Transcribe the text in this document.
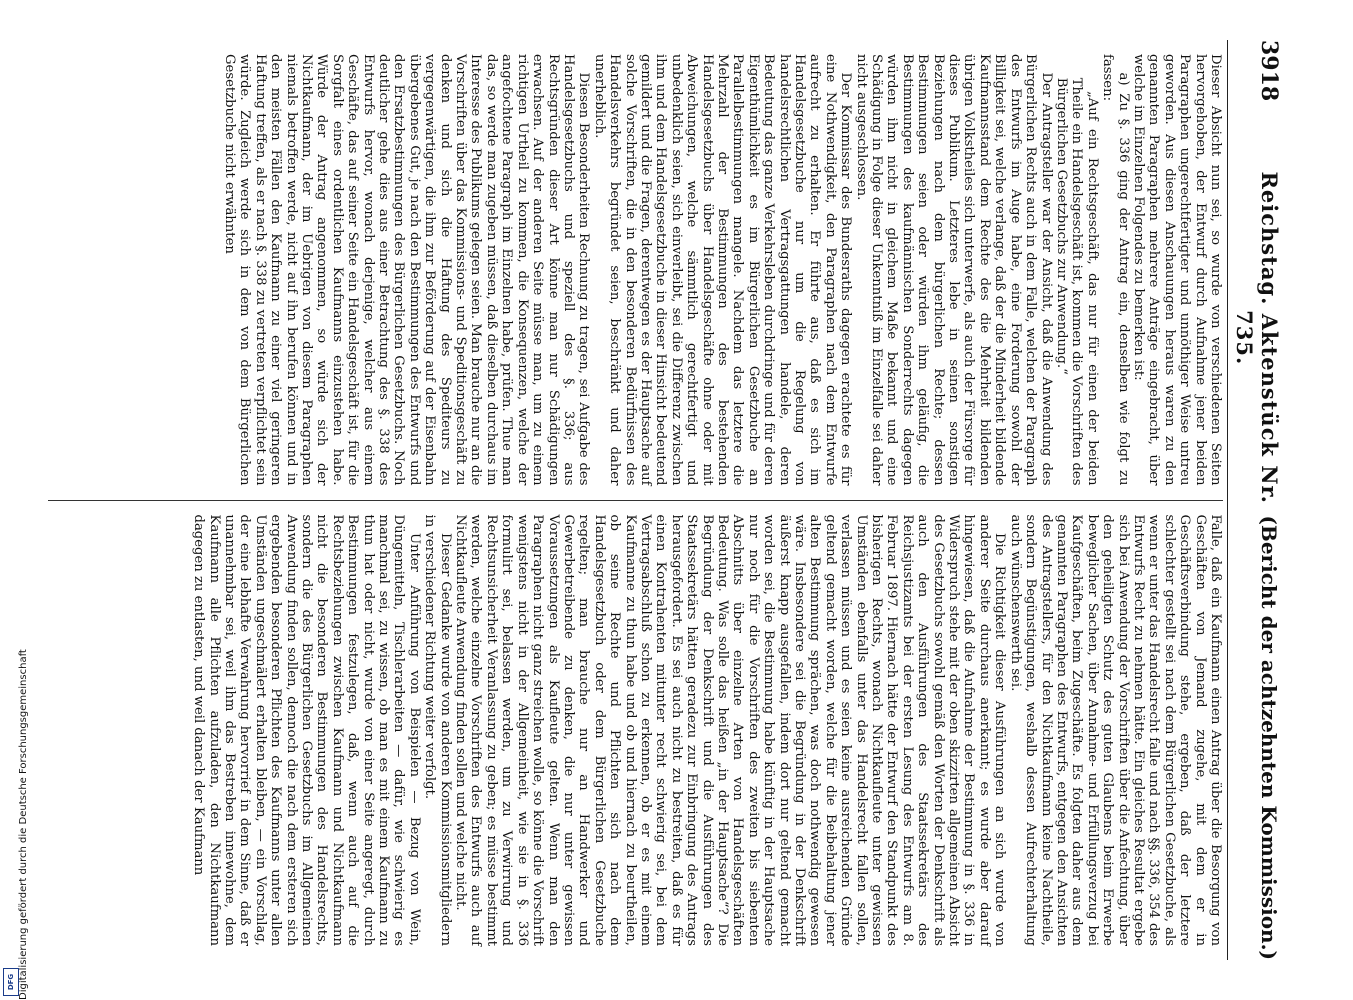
3918
Reichstag. Aktenstück Nr. 735.
(Bericht der achtzehnten Kommission.)

Dieser Absicht nun sei, so wurde von verschiedenen Seiten hervorgehoben, der Entwurf durch Aufnahme jener beiden Paragraphen ungerechtfertigter und unnöthiger Weise untreu geworden. Aus diesen Anschauungen heraus waren zu den genannten Paragraphen mehrere Anträge eingebracht, über welche im Einzelnen Folgendes zu bemerken ist:

a) Zu §. 336 ging der Antrag ein, denselben wie folgt zu fassen:

„Auf ein Rechtsgeschäft, das nur für einen der beiden Theile ein Handelsgeschäft ist, kommen die Vorschriften des Bürgerlichen Gesetzbuchs zur Anwendung.“

Der Antragsteller war der Ansicht, daß die Anwendung des Bürgerlichen Rechts auch in dem Falle, welchen der Paragraph des Entwurfs im Auge habe, eine Forderung sowohl der Billigkeit sei, welche verlange, daß der die Minderheit bildende Kaufmannsstand dem Rechte des die Mehrheit bildenden übrigen Volkstheiles sich unterwerfe, als auch der Fürsorge für dieses Publikum. Letzteres lebe in seinen sonstigen Beziehungen nach dem bürgerlichen Rechte; dessen Bestimmungen seien oder würden ihm geläufig, die Bestimmungen des kaufmännischen Sonderrechts dagegen würden ihm nicht in gleichem Maße bekannt und eine Schädigung in Folge dieser Unkenntniß im Einzelfalle sei daher nicht ausgeschlossen.

Der Kommissar des Bundesraths dagegen erachtete es für eine Nothwendigkeit, den Paragraphen nach dem Entwurfe aufrecht zu erhalten. Er führte aus, daß es sich im Handelsgesetzbuche nur um die Regelung von handelsrechtlichen Vertragsgattungen handele, deren Bedeutung das ganze Verkehrsleben durchdringe und für deren Eigenthümlichkeit es im Bürgerlichen Gesetzbuche an Parallelbestimmungen mangele. Nachdem das letztere die Mehrzahl der Bestimmungen des bestehenden Handelsgesetzbuchs über Handelsgeschäfte ohne oder mit Abweichungen, welche sämmtlich gerechtfertigt und unbedenklich seien, sich einverleibt, sei die Differenz zwischen ihm und dem Handelsgesetzbuche in dieser Hinsicht bedeutend gemildert und die Fragen, derentwegen es der Hauptsache auf solche Vorschriften, die in den besonderen Bedürfnissen des Handelsverkehrs begründet seien, beschränkt und daher unerheblich.

Diesen Besonderheiten Rechnung zu tragen, sei Aufgabe des Handelsgesetzbuchs und speziell des §. 336; aus Rechtsgründen dieser Art könne man nur Schädigungen erwachsen. Auf der anderen Seite müsse man, um zu einem richtigen Urtheil zu kommen, die Konsequenzen, welche der angefochtene Paragraph im Einzelnen habe, prüfen. Thue man das, so werde man zugeben müssen, daß dieselben durchaus im Interesse des Publikums gelegen seien. Man brauche nur an die Vorschriften über das Kommissions- und Speditionsgeschäft zu denken und sich die Haftung des Spediteurs zu vergegenwärtigen, die ihm zur Beförderung auf der Eisenbahn übergebenes Gut, je nach den Bestimmungen des Entwurfs und den Ersatzbestimmungen des Bürgerlichen Gesetzbuchs. Noch deutlicher gehe dies aus einer Betrachtung des §. 338 des Entwurfs hervor, wonach derjenige, welcher aus einem Geschäfte, das auf seiner Seite ein Handelsgeschäft ist, für die Sorgfalt eines ordentlichen Kaufmanns einzustehen habe. Würde der Antrag angenommen, so würde sich der Nichtkaufmann, der im Uebrigen von diesem Paragraphen niemals betroffen werde, nicht auf ihn berufen können und in den meisten Fällen den Kaufmann zu einer viel geringeren Haftung treffen, als er nach §. 338 zu vertreten verpflichtet sein würde. Zugleich werde sich in dem von dem Bürgerlichen Gesetzbuche nicht erwähnten

Falle, daß ein Kaufmann einen Antrag über die Besorgung von Geschäften von Jemand zugehe, mit dem er in Geschäftsverbindung stehe, ergeben, daß der letztere schlechter gestellt sei nach dem Bürgerlichen Gesetzbuche, als wenn er unter das Handelsrecht falle und nach §§. 336, 354 des Entwurfs Recht zu nehmen hätte. Ein gleiches Resultat ergebe sich bei Anwendung der Vorschriften über die Anfechtung, über den geheiligten Schutz des guten Glaubens beim Erwerbe beweglicher Sachen, über Annahme- und Erfüllungsverzug bei Kaufgeschäften, beim Zugeschäfte. Es folgten daher aus dem genannten Paragraphen des Entwurfs, entgegen den Ansichten des Antragstellers, für den Nichtkaufmann keine Nachtheile, sondern Begünstigungen, weshalb dessen Aufrechterhaltung auch wünschenswerth sei.

Die Richtigkeit dieser Ausführungen an sich wurde von anderer Seite durchaus anerkannt; es wurde aber darauf hingewiesen, daß die Aufnahme der Bestimmung in §. 336 in Widerspruch stehe mit der oben skizzirten allgemeinen Absicht des Gesetzbuchs sowohl gemäß den Worten der Denkschrift als auch den Ausführungen des Staatssekretärs des Reichsjustizamts bei der ersten Lesung des Entwurfs am 8. Februar 1897. Hiernach hätte der Entwurf den Standpunkt des bisherigen Rechts, wonach Nichtkaufleute unter gewissen Umständen ebenfalls unter das Handelsrecht fallen sollen, verlassen müssen und es seien keine ausreichenden Gründe geltend gemacht worden, welche für die Beibehaltung jener alten Bestimmung sprächen, was doch nothwendig gewesen wäre. Insbesondere sei die Begründung in der Denkschrift äußerst knapp ausgefallen, indem dort nur geltend gemacht worden sei, die Bestimmung habe künftig in der Hauptsache nur noch für die Vorschriften des zweiten bis siebenten Abschnitts über einzelne Arten von Handelsgeschäften Bedeutung. Was solle das heißen „in der Hauptsache“? Die Begründung der Denkschrift und die Ausführungen des Staatssekretärs hätten geradezu zur Einbringung des Antrags herausgefordert. Es sei auch nicht zu bestreiten, daß es für einen Kontrahenten mitunter recht schwierig sei, bei dem Vertragsabschluß schon zu erkennen, ob er es mit einem Kaufmanne zu thun habe und ob und hiernach zu beurtheilen, ob seine Rechte und Pflichten sich nach dem Handelsgesetzbuch oder dem Bürgerlichen Gesetzbuche regelten; man brauche nur an Handwerker und Gewerbetreibende zu denken, die nur unter gewissen Voraussetzungen als Kaufleute gelten. Wenn man den Paragraphen nicht ganz streichen wolle, so könne die Vorschrift wenigstens nicht in der Allgemeinheit, wie sie in §. 336 formulirt sei, belassen werden, um zu Verwirrung und Rechtsunsicherheit Veranlassung zu geben; es müsse bestimmt werden, welche einzelne Vorschriften des Entwurfs auch auf Nichtkaufleute Anwendung finden sollen und welche nicht.

Dieser Gedanke wurde von anderen Kommissionsmitgliedern in verschiedener Richtung weiter verfolgt.

Unter Anführung von Beispielen — Bezug von Wein, Düngemitteln, Tischlerarbeiten — dafür, wie schwierig es manchmal sei, zu wissen, ob man es mit einem Kaufmann zu thun hat oder nicht, wurde von einer Seite angeregt, durch Bestimmungen festzulegen, daß, wenn auch auf die Rechtsbeziehungen zwischen Kaufmann und Nichtkaufmann nicht die besonderen Bestimmungen des Handelsrechts, sondern die des Bürgerlichen Gesetzbuchs im Allgemeinen Anwendung finden sollen, dennoch die nach dem ersteren sich ergebenden besonderen Pflichten des Kaufmanns unter allen Umständen ungeschmälert erhalten bleiben, — ein Vorschlag, der eine lebhafte Verwahrung hervorrief in dem Sinne, daß er unannehmbar sei, weil ihm das Bestreben innewohne, dem Kaufmann alle Pflichten aufzuladen, den Nichtkaufmann dagegen zu entlasten, und weil danach der Kaufmann

Digitalisierung gefördert durch die Deutsche Forschungsgemeinschaft
DFG
